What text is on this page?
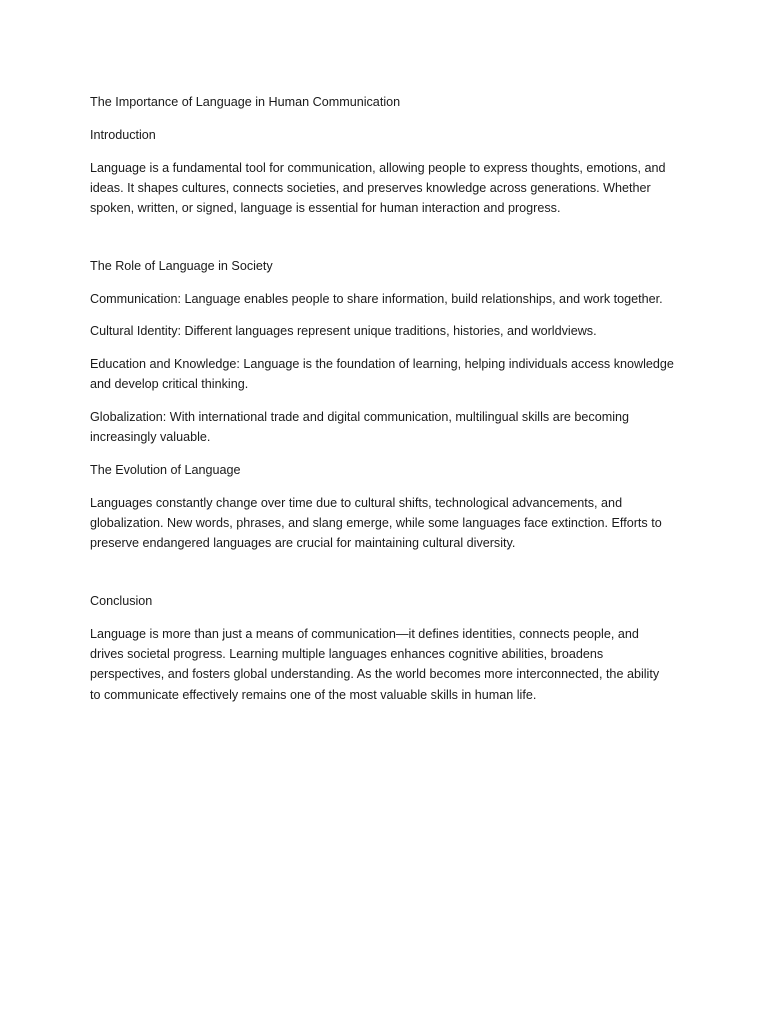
The Importance of Language in Human Communication

Introduction

Language is a fundamental tool for communication, allowing people to express thoughts, emotions, and

ideas. It shapes cultures, connects societies, and preserves knowledge across generations. Whether

spoken, written, or signed, language is essential for human interaction and progress.

The Role of Language in Society

Communication: Language enables people to share information, build relationships, and work together.

Cultural Identity: Different languages represent unique traditions, histories, and worldviews.

Education and Knowledge: Language is the foundation of learning, helping individuals access knowledge

and develop critical thinking.

Globalization: With international trade and digital communication, multilingual skills are becoming

increasingly valuable.

The Evolution of Language

Languages constantly change over time due to cultural shifts, technological advancements, and

globalization. New words, phrases, and slang emerge, while some languages face extinction. Efforts to

preserve endangered languages are crucial for maintaining cultural diversity.

Conclusion

Language is more than just a means of communication—it defines identities, connects people, and

drives societal progress. Learning multiple languages enhances cognitive abilities, broadens

perspectives, and fosters global understanding. As the world becomes more interconnected, the ability

to communicate effectively remains one of the most valuable skills in human life.
